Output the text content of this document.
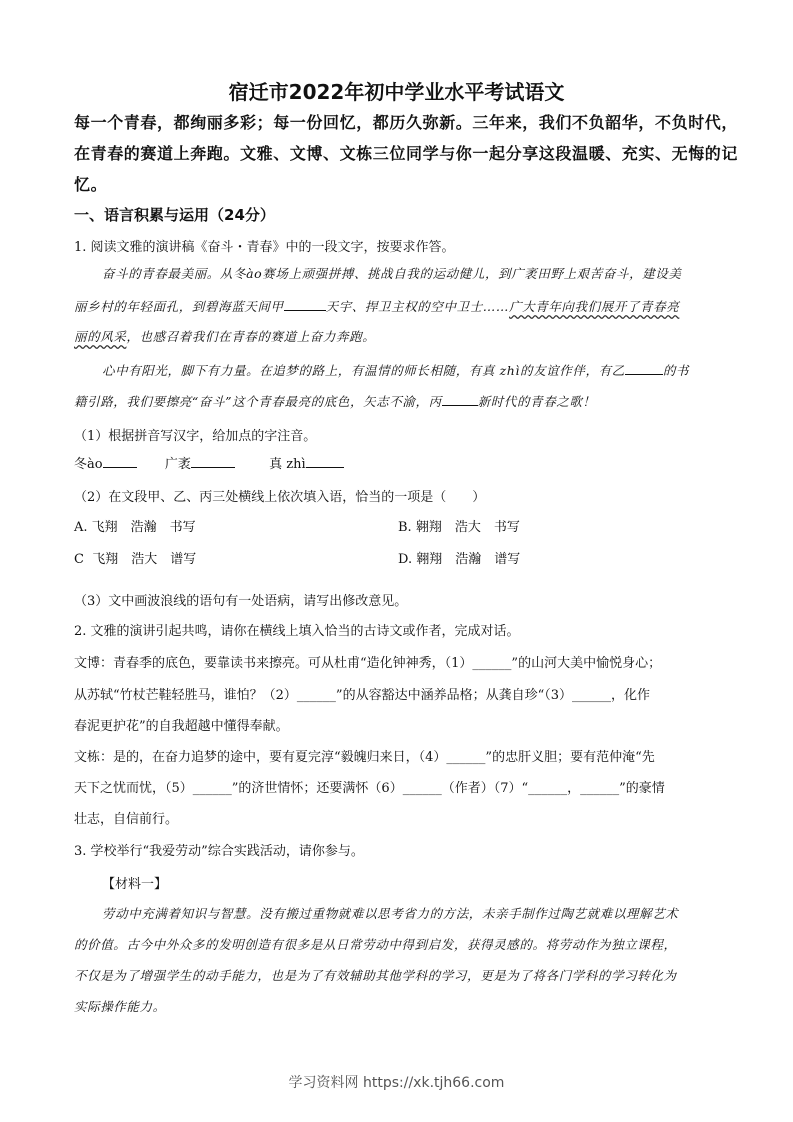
宿迁市2022年初中学业水平考试语文
每一个青春，都绚丽多彩；每一份回忆，都历久弥新。三年来，我们不负韶华，不负时代，
在青春的赛道上奔跑。文雅、文博、文栋三位同学与你一起分享这段温暖、充实、无悔的记
忆。
一、语言积累与运用（24分）
1. 阅读文雅的演讲稿《奋斗・青春》中的一段文字，按要求作答。
奋斗的青春最美丽。从冬ào赛场上顽强拼搏、挑战自我的运动健儿，到广袤田野上艰苦奋斗，建设美
丽乡村的年轻面孔，到碧海蓝天间甲	天宇、捍卫主权的空中卫士……广大青年向我们展开了青春亮
丽的风采，也感召着我们在青春的赛道上奋力奔跑。
心中有阳光，脚下有力量。在追梦的路上，有温情的师长相随，有真 zhì的友谊作伴，有乙	的书
籍引路，我们要擦亮“奋斗”这个青春最亮的底色，矢志不渝，丙	新时代的青春之歌！
（1）根据拼音写汉字，给加点的字注音。
冬ào	广袤	真 zhì
（2）在文段甲、乙、丙三处横线上依次填入语，恰当的一项是（　　）
A. 飞翔　浩瀚　书写	B. 翱翔　浩大　书写
C  飞翔　浩大　谱写	D. 翱翔　浩瀚　谱写
（3）文中画波浪线的语句有一处语病，请写出修改意见。
2. 文雅的演讲引起共鸣，请你在横线上填入恰当的古诗文或作者，完成对话。
文博：青春季的底色，要靠读书来擦亮。可从杜甫“造化钟神秀，（1）______”的山河大美中愉悦身心；
从苏轼“竹杖芒鞋轻胜马，谁怕？（2）______”的从容豁达中涵养品格；从龚自珍“（3）______，化作
春泥更护花”的自我超越中懂得奉献。
文栋：是的，在奋力追梦的途中，要有夏完淳“毅魄归来日，（4）______”的忠肝义胆；要有范仲淹“先
天下之忧而忧，（5）______”的济世情怀；还要满怀（6）______（作者）（7）“______，______”的豪情
壮志，自信前行。
3. 学校举行“我爱劳动”综合实践活动，请你参与。
【材料一】
劳动中充满着知识与智慧。没有搬过重物就难以思考省力的方法，未亲手制作过陶艺就难以理解艺术
的价值。古今中外众多的发明创造有很多是从日常劳动中得到启发，获得灵感的。将劳动作为独立课程，
不仅是为了增强学生的动手能力，也是为了有效辅助其他学科的学习，更是为了将各门学科的学习转化为
实际操作能力。
学习资料网 https://xk.tjh66.com
